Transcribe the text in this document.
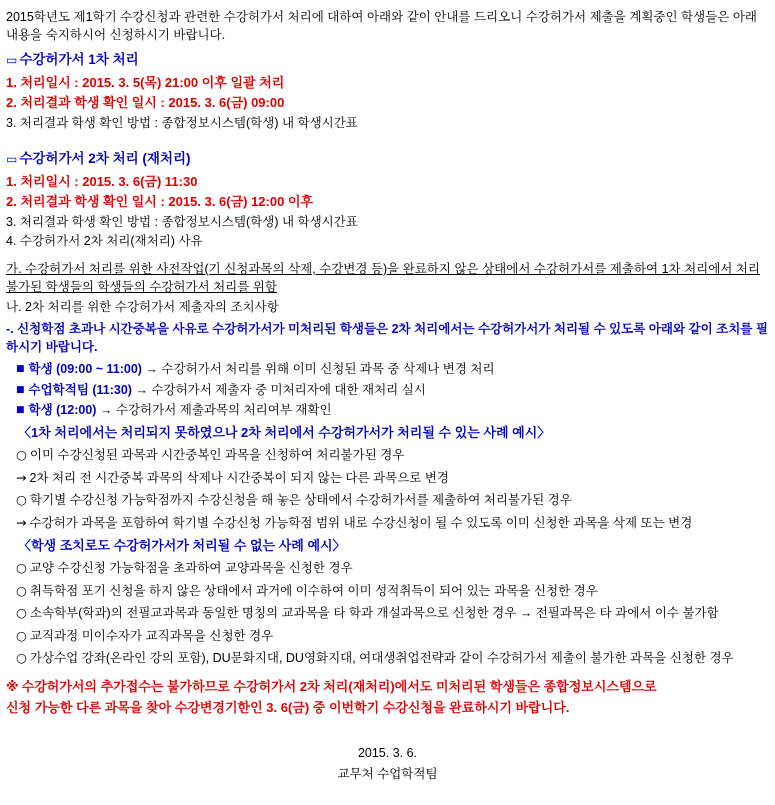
2015학년도 제1학기 수강신청과 관련한 수강허가서 처리에 대하여 아래와 같이 안내를 드리오니 수강허가서 제출을 계획중인 학생들은 아래 내용을 숙지하시어 신청하시기 바랍니다.

▭ 수강허가서 1차 처리
1. 처리일시 : 2015. 3. 5(목) 21:00 이후 일괄 처리
2. 처리결과 학생 확인 일시 : 2015. 3. 6(금) 09:00
3. 처리결과 학생 확인 방법 : 종합정보시스템(학생) 내 학생시간표
▭ 수강허가서 2차 처리 (재처리)
1. 처리일시 : 2015. 3. 6(금) 11:30
2. 처리결과 학생 확인 일시 : 2015. 3. 6(금) 12:00 이후
3. 처리결과 학생 확인 방법 : 종합정보시스템(학생) 내 학생시간표
4. 수강허가서 2차 처리(재처리) 사유
가. 수강허가서 처리를 위한 사전작업(기 신청과목의 삭제, 수강변경 등)을 완료하지 않은 상태에서 수강허가서를 제출하여 1차 처리에서 처리불가된 학생들의 학생들의 수강허가서 처리를 위함
나. 2차 처리를 위한 수강허가서 제출자의 조치사항
-. 신청학점 초과나 시간중복을 사유로 수강허가서가 미처리된 학생들은 2차 처리에서는 수강허가서가 처리될 수 있도록 아래와 같이 조치를 필하시기 바랍니다.
■ 학생 (09:00 ~ 11:00) → 수강허가서 처리를 위해 이미 신청된 과목 중 삭제나 변경 처리
■ 수업학적팀 (11:30) → 수강허가서 제출자 중 미처리자에 대한 재처리 실시
■ 학생 (12:00) → 수강허가서 제출과목의 처리여부 재확인
〈1차 처리에서는 처리되지 못하였으나 2차 처리에서 수강허가서가 처리될 수 있는 사례 예시〉
○ 이미 수강신청된 과목과 시간중복인 과목을 신청하여 처리불가된 경우
→ 2차 처리 전 시간중복 과목의 삭제나 시간중복이 되지 않는 다른 과목으로 변경
○ 학기별 수강신청 가능학점까지 수강신청을 해 놓은 상태에서 수강허가서를 제출하여 처리불가된 경우
→ 수강허가 과목을 포함하여 학기별 수강신청 가능학점 범위 내로 수강신청이 될 수 있도록 이미 신청한 과목을 삭제 또는 변경
〈학생 조치로도 수강허가서가 처리될 수 없는 사례 예시〉
○ 교양 수강신청 가능학점을 초과하여 교양과목을 신청한 경우
○ 취득학점 포기 신청을 하지 않은 상태에서 과거에 이수하여 이미 성적취득이 되어 있는 과목을 신청한 경우
○ 소속학부(학과)의 전필교과목과 동일한 명칭의 교과목을 타 학과 개설과목으로 신청한 경우 → 전필과목은 타 과에서 이수 불가함
○ 교직과정 미이수자가 교직과목을 신청한 경우
○ 가상수업 강좌(온라인 강의 포함), DU문화지대, DU영화지대, 여대생취업전략과 같이 수강허가서 제출이 불가한 과목을 신청한 경우
※ 수강허가서의 추가접수는 불가하므로 수강허가서 2차 처리(재처리)에서도 미처리된 학생들은 종합정보시스템으로
신청 가능한 다른 과목을 찾아 수강변경기한인 3. 6(금) 중 이번학기 수강신청을 완료하시기 바랍니다.
2015. 3. 6.
교무처 수업학적팀
